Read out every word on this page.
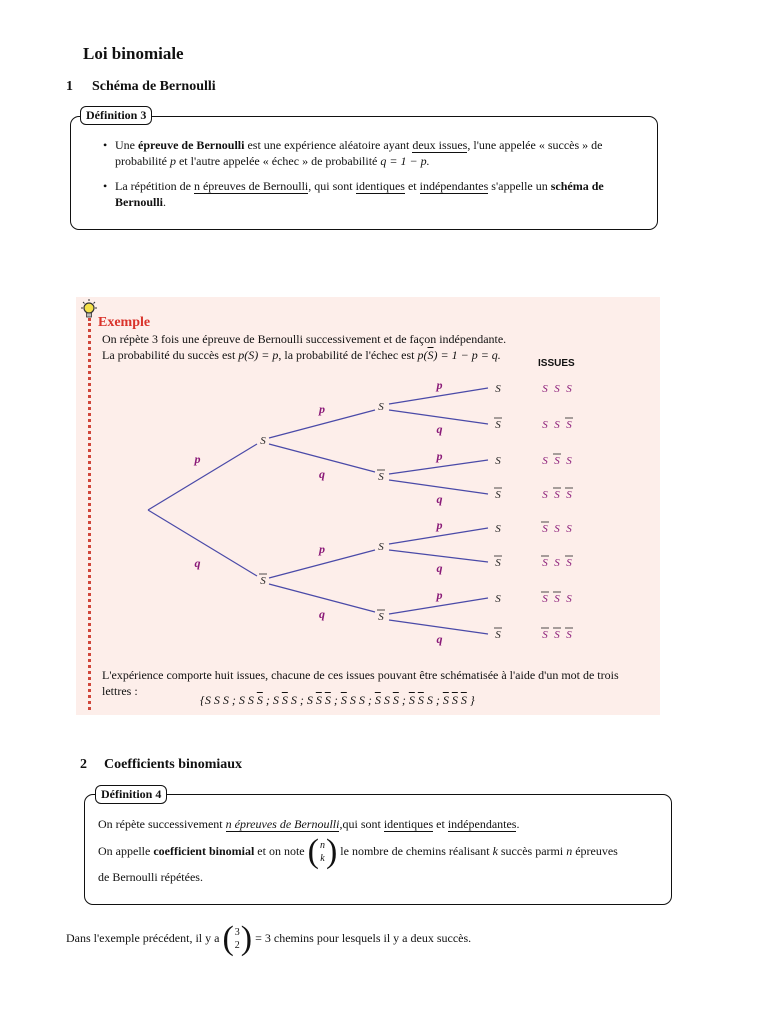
Loi binomiale
1 Schéma de Bernoulli
Définition 3
• Une épreuve de Bernoulli est une expérience aléatoire ayant deux issues, l'une appelée « succès » de
probabilité p et l'autre appelée « échec » de probabilité q = 1 − p.
• La répétition de n épreuves de Bernoulli, qui sont identiques et indépendantes s'appelle un schéma de
Bernoulli.
Exemple
On répète 3 fois une épreuve de Bernoulli successivement et de façon indépendante.
La probabilité du succès est p(S) = p, la probabilité de l'échec est $p(\overline{S}) = 1 - p = q$.
ISSUES
S
p
S
q
S
p
S
q
S
p
S
q
S
p	S S S
S
q	S S S
S
p	S S S
S
q	S S S
S
p	S S S
S
q	S S S
S
p	S S S
S
q	S S S
L'expérience comporte huit issues, chacune de ces issues pouvant être schématisée à l'aide d'un mot de trois
lettres :
{S S S ; S S $\overline{S}$ ; S $\overline{S}$ S ; S $\overline{S}$ $\overline{S}$ ; $\overline{S}$ S S ; $\overline{S}$ S $\overline{S}$ ; $\overline{S}$ $\overline{S}$ S ; $\overline{S}$ $\overline{S}$ $\overline{S}$ }
2 Coefficients binomiaux
Définition 4
On répète successivement n épreuves de Bernoulli,qui sont identiques et indépendantes.
On appelle coefficient binomial et on note ( n
k ) le nombre de chemins réalisant k succès parmi n épreuves
de Bernoulli répétées.
Dans l'exemple précédent, il y a ( 3
2 ) = 3 chemins pour lesquels il y a deux succès.
